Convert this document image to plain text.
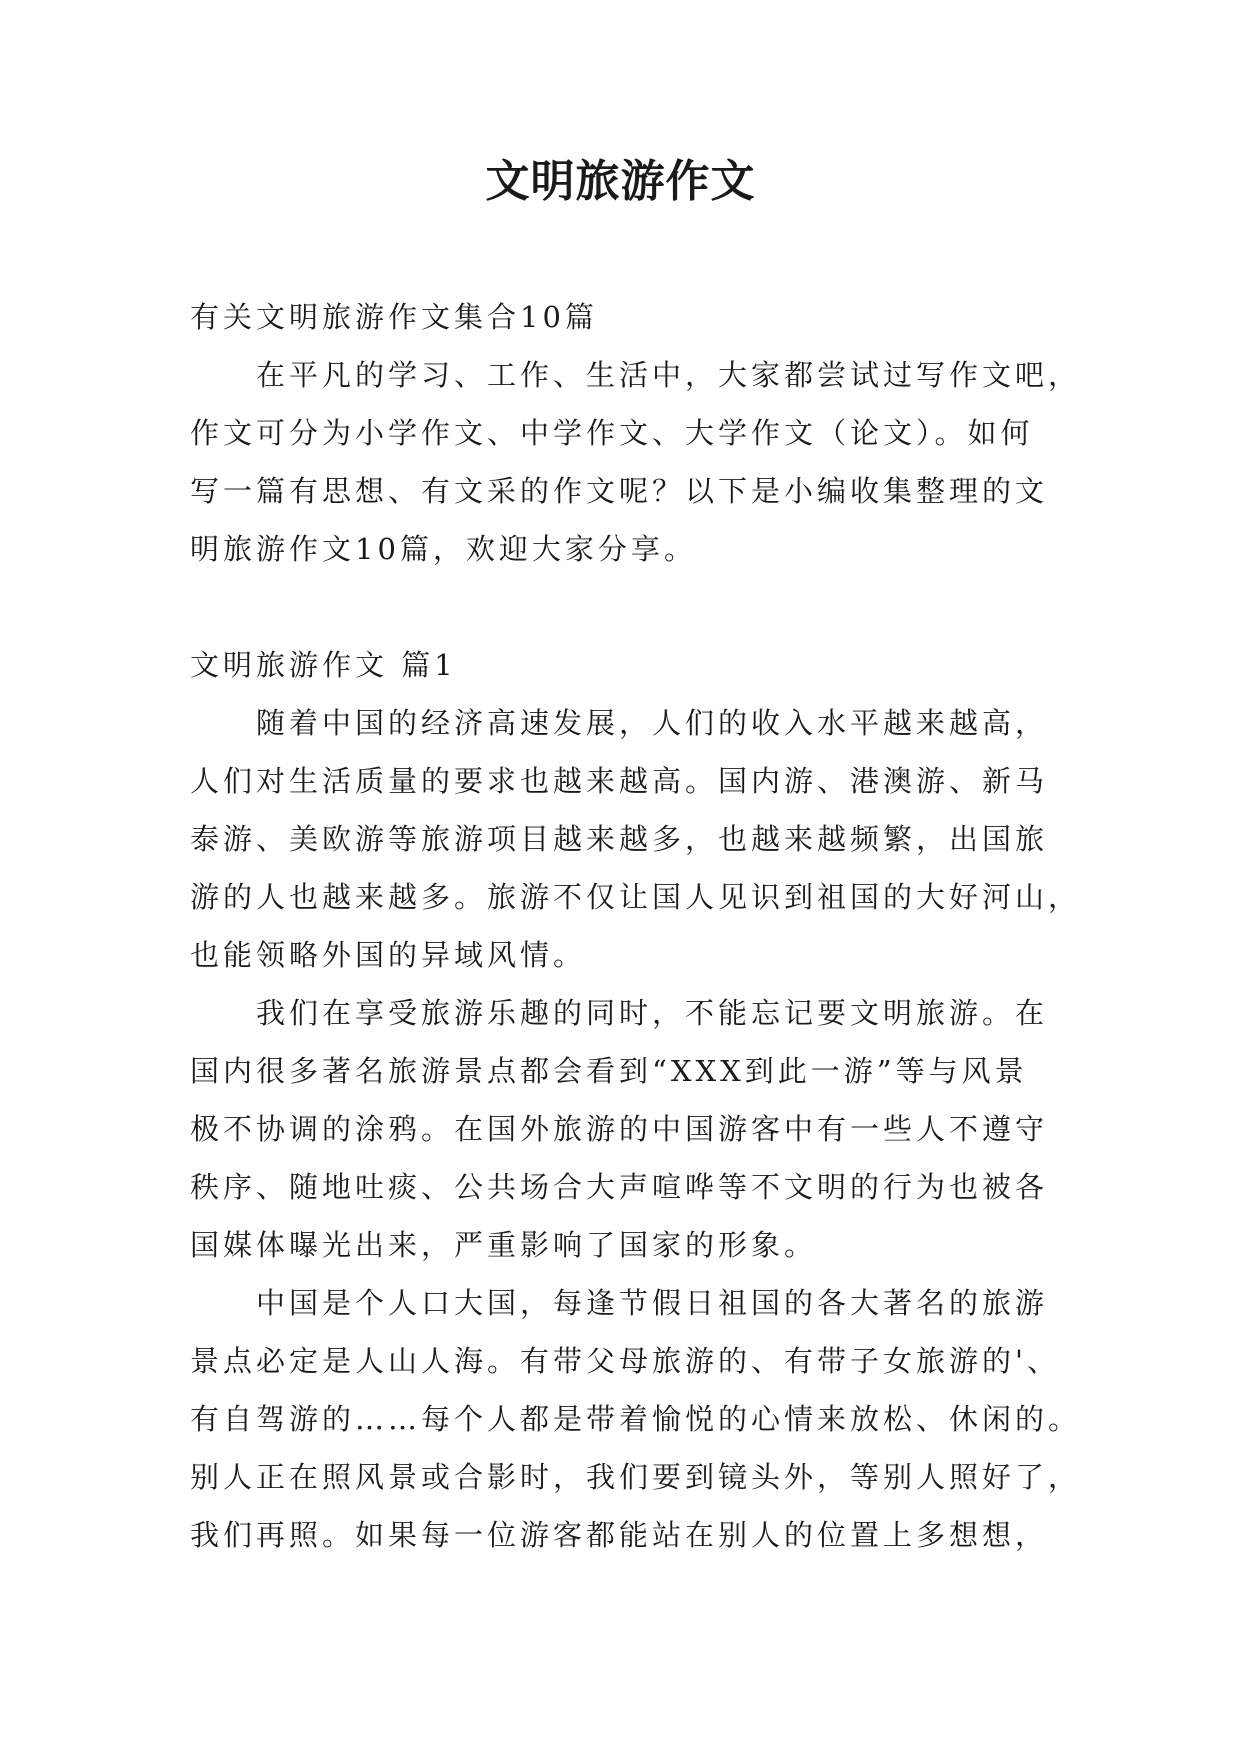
文明旅游作文
有关文明旅游作文集合10篇
在平凡的学习、工作、生活中，大家都尝试过写作文吧，
作文可分为小学作文、中学作文、大学作文（论文）。如何
写一篇有思想、有文采的作文呢？以下是小编收集整理的文
明旅游作文10篇，欢迎大家分享。
文明旅游作文 篇1
随着中国的经济高速发展，人们的收入水平越来越高，
人们对生活质量的要求也越来越高。国内游、港澳游、新马
泰游、美欧游等旅游项目越来越多，也越来越频繁，出国旅
游的人也越来越多。旅游不仅让国人见识到祖国的大好河山，
也能领略外国的异域风情。
我们在享受旅游乐趣的同时，不能忘记要文明旅游。在
国内很多著名旅游景点都会看到“XXX到此一游”等与风景
极不协调的涂鸦。在国外旅游的中国游客中有一些人不遵守
秩序、随地吐痰、公共场合大声喧哗等不文明的行为也被各
国媒体曝光出来，严重影响了国家的形象。
中国是个人口大国，每逢节假日祖国的各大著名的旅游
景点必定是人山人海。有带父母旅游的、有带子女旅游的'、
有自驾游的……每个人都是带着愉悦的心情来放松、休闲的。
别人正在照风景或合影时，我们要到镜头外，等别人照好了，
我们再照。如果每一位游客都能站在别人的位置上多想想，
